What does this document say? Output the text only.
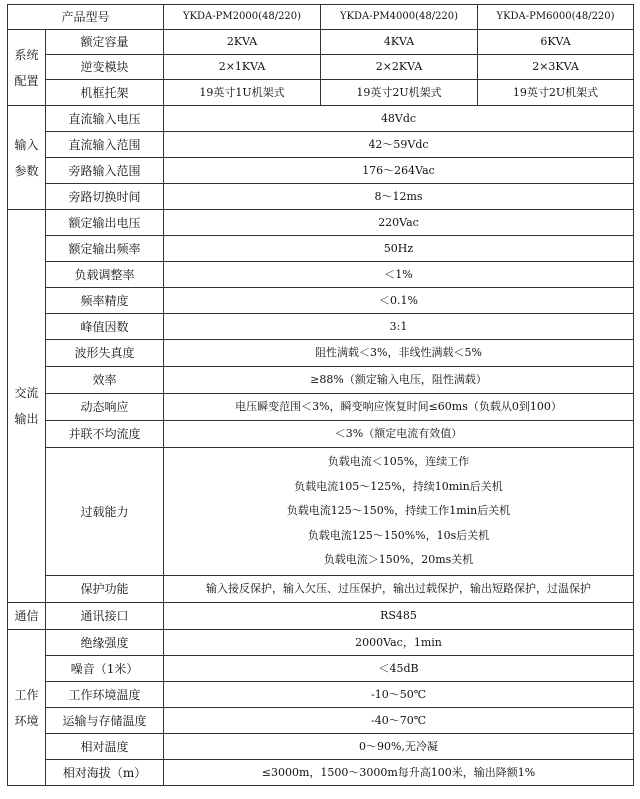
产品型号		YKDA-PM2000(48/220)	YKDA-PM4000(48/220)	YKDA-PM6000(48/220)
系统配置	额定容量	2KVA	4KVA	6KVA
	逆变模块	2×1KVA	2×2KVA	2×3KVA
	机框托架	19英寸1U机架式	19英寸2U机架式	19英寸2U机架式
输入参数	直流输入电压	48Vdc		
	直流输入范围	42～59Vdc		
	旁路输入范围	176～264Vac		
	旁路切换时间	8～12ms		
交流输出	额定输出电压	220Vac		
	额定输出频率	50Hz		
	负载调整率	＜1%		
	频率精度	＜0.1%		
	峰值因数	3:1		
	波形失真度	阻性满载＜3%，非线性满载＜5%		
	效率	≥88%（额定输入电压，阻性满载）		
	动态响应	电压瞬变范围＜3%，瞬变响应恢复时间≤60ms（负载从0到100）		
	并联不均流度	＜3%（额定电流有效值）		
	过载能力	负载电流＜105%，连续工作
负载电流105～125%，持续10min后关机
负载电流125～150%，持续工作1min后关机
负载电流125～150%%，10s后关机
负载电流＞150%，20ms关机		

	保护功能	输入接反保护，输入欠压、过压保护，输出过载保护，输出短路保护，过温保护		
通信	通讯接口	RS485		
工作环境	绝缘强度	2000Vac，1min		
	噪音（1米）	＜45dB		
	工作环境温度	-10～50℃		
	运输与存储温度	-40～70℃		
	相对温度	0～90%,无冷凝		
	相对海拔（m）	≤3000m，1500～3000m每升高100米，输出降额1%		
